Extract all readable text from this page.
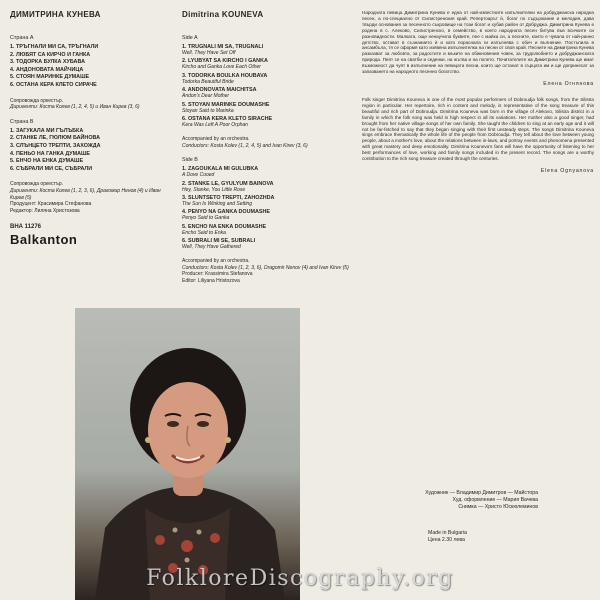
ДИМИТРИНА КУНЕВА
Страна А
1. ТРЪГНАЛИ МИ СА, ТРЪГНАЛИ
2. ЛЮБЯТ СА КИРЧО И ГАНКА
3. ТОДОРКА БУЛКА ХУБАВА
4. АНДОНОВАТА МАЙЧИЦА
5. СТОЯН МАРИНКЕ ДУМАШЕ
6. ОСТАНА КЕРА КЛЕТО СИРАЧЕ

Сопровожда оркестър.
Диригенти: Коста Колев (1, 2, 4, 5) и Иван Кирев (3, 6)

Страна В
1. ЗАГУКАЛА МИ ГЪЛЪБКА
2. СТАНКЕ ЛЕ, ГЮЛЮМ БАЙНОВА
3. СЛЪНЦЕТО ТРЕПТИ, ЗАХОЖДА
4. ПЕНЬО НА ГАНКА ДУМАШЕ
5. ЕНЧО НА ЕНКА ДУМАШЕ
6. СЪБРАЛИ МИ СЕ, СЪБРАЛИ

Сопровожда оркестър.
Диригенти: Коста Колев (1, 2, 3, 6), Драгомир Ненов (4) и Иван Кирев (5)
Продуцент: Красимира Стефанова
Редактор: Лиляна Христозова

ВНА 11276
Balkanton
Dimitrina KOUNEVA
Side A
1. TRUGNALI MI SA, TRUGNALI
Well, They Have Set Off
2. LYUBYAT SA KIRCHO I GANKA
Kircho and Ganka Love Each Other
3. TODORKA BOULKA HOUBAVA
Todorka Beautiful Bride
4. ANDONOVATA MAICHITSA
Andon's Dear Mother
5. STOYAN MARINKE DOUMASHE
Stoyan Said to Marinka
6. OSTANA KERA KLETO SIRACHE
Kera Was Left A Poor Orphan

Accompanied by an orchestra.
Conductors: Kosta Kolev (1, 2, 4, 5) and Ivan Kirev (3, 6)

Side B
1. ZAGOUKALA MI GULUBKA
A Dove Cooed
2. STANKE LE, GYULYUM BAINOVA
Hey, Stanke, You Little Rose
3. SLUNTSETO TREPTI, ZAHOZHDA
The Sun Is Winking and Setting
4. PENYO NA GANKA DOUMASHE
Penyo Said to Ganka
5. ENCHO NA ENKA DOUMASHE
Encho Said to Enka
6. SUBRALI MI SE, SUBRALI
Well, They Have Gathered

Accompanied by an orchestra.
Conductors: Kosta Kolev (1, 2, 3, 6), Dragomir Nenov (4) and Ivan Kirev (5)
Producer: Krassimira Stefanova
Editor: Liliyana Hristozova

Народната певица Димитрина Кунева е една от най-известните изпълнителки на добруджанска народна песен, а по-специално от Силистренския край. Репертоарът ѝ, богат по съдържание и мелодия, дава твърди основания за песенното съкровище на този богат и хубав район от Добруджа. Димитрина Кунева е родена в с. Алеково, Силистренско, в семейство, в което народната песен битува във всичките си разновидности. Малката, още ненаучила буквите, пее с майка си, а песните, които е чувала от най-ранно детство, остават в съзнанието ѝ и като пораснала ги изпълнява с обич и вълнение. Постъпила в ансамбъла, тя се оформя като изявена изпълнителка на песни от своя край. Песните на Димитрина Кунева разказват за любовта, за радостите и мъките на обикновения човек, за трудолюбието и добруджанската природа. Пеят се на сватби и седенки, на жътва и на полето. Почитателите на Димитрина Кунева ще имат възможност да чуят в изпълнение на певицата песни, които ще останат в сърцата им и ще допринесат за запазването на народното песенно богатство.

Елена Огнянова

Folk singer Dimitrina Kouneva is one of the most popular performers of Dobroudja folk songs, from the Silistra region in particular. Her repertoire, rich in content and melody, is representative of the song treasure of this beautiful and rich part of Dobroudja. Dimitrina Kouneva was born in the village of Alekovo, Silistra district in a family in which the folk song was held in high respect in all its variations. Her mother also a good singer, had brought from her native village songs of her own family. She taught the children to sing at an early age and it will not be far-fetched to say that they began singing with their first unsteady steps. The songs Dimitrina Kouneva sings embrace thematically the whole life of the people from Dobroudja. They tell about the love between young people, about a mother's love, about the relations between in-laws, and portray events and phenomena presented with great mastery and deep emotionality. Dimitrina Kouneva's fans will have the opportunity of listening to her best performances of love, working and family songs included in the present record. The songs are a worthy contribution to the rich song treasure created through the centuries.

Elena Ognyanova
Художник — Владимир Димитров — Майстора
Худ. оформление — Мария Вачева
Снимка — Христо Юскюлеминов
Made in Bulgaria
Цена 2.30 лева
FolkloreDiscography.org
